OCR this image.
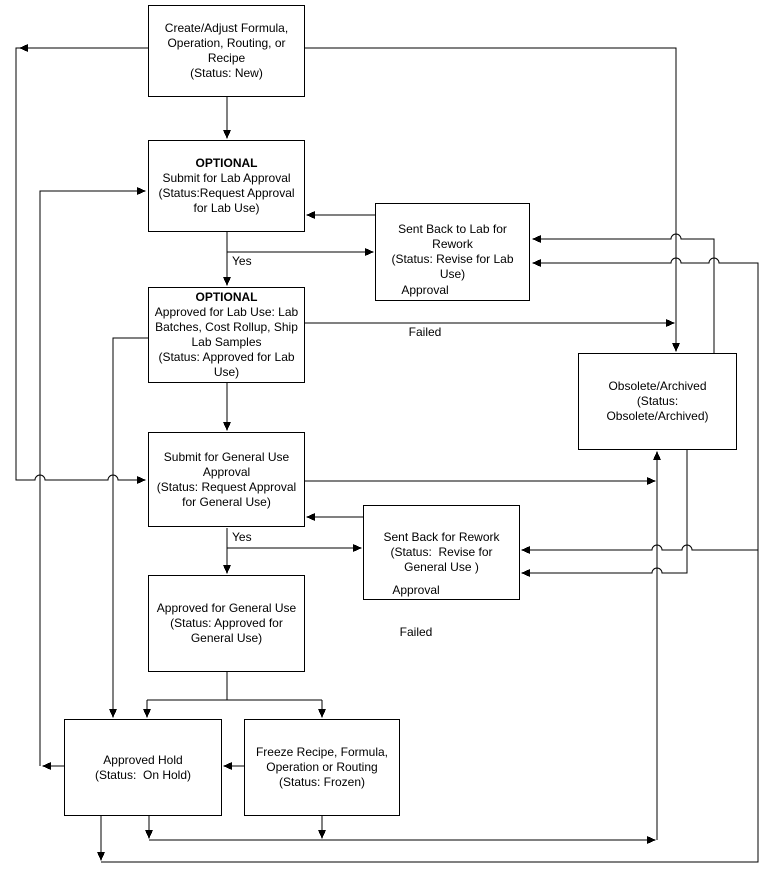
Create/Adjust Formula,
Operation, Routing, or
Recipe
(Status: New)
OPTIONAL
Submit for Lab Approval
(Status:Request Approval
for Lab Use)
Sent Back to Lab for
Rework
(Status: Revise for Lab
Use)
OPTIONAL
Approved for Lab Use: Lab
Batches, Cost Rollup, Ship
Lab Samples
(Status: Approved for Lab
Use)
Obsolete/Archived
(Status:
Obsolete/Archived)
Submit for General Use
Approval
(Status: Request Approval
for General Use)
Sent Back for Rework
(Status:  Revise for
General Use )
Approved for General Use
(Status: Approved for
General Use)
Approved Hold
(Status:  On Hold)
Freeze Recipe, Formula,
Operation or Routing
(Status: Frozen)
Yes

Approval

Failed

Yes

Approval

Failed
